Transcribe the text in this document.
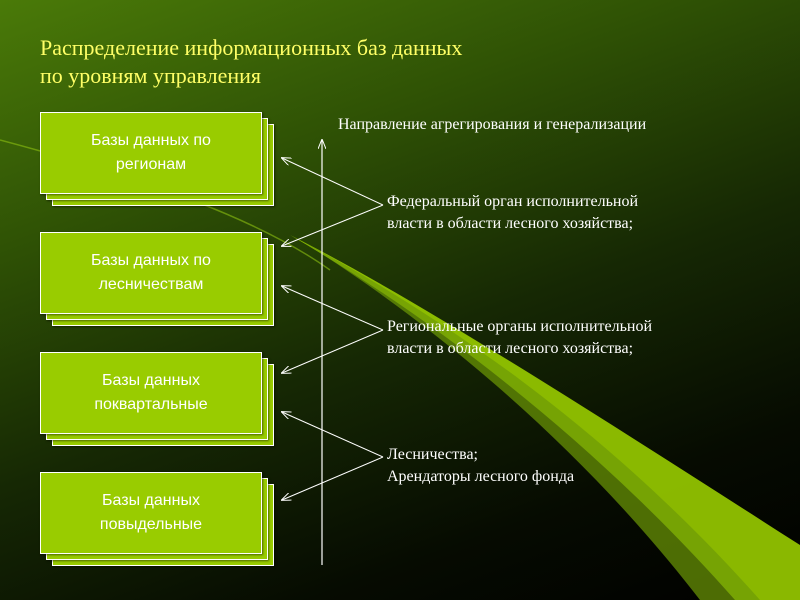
Распределение информационных баз данных
по уровням управления
Базы данных по
регионам
Базы данных по
лесничествам
Базы данных
поквартальные
Базы данных
повыдельные

Направление агрегирования и генерализации

Федеральный орган исполнительной
власти в области лесного хозяйства;

Региональные органы исполнительной
власти в области лесного хозяйства;

Лесничества;
Арендаторы лесного фонда
